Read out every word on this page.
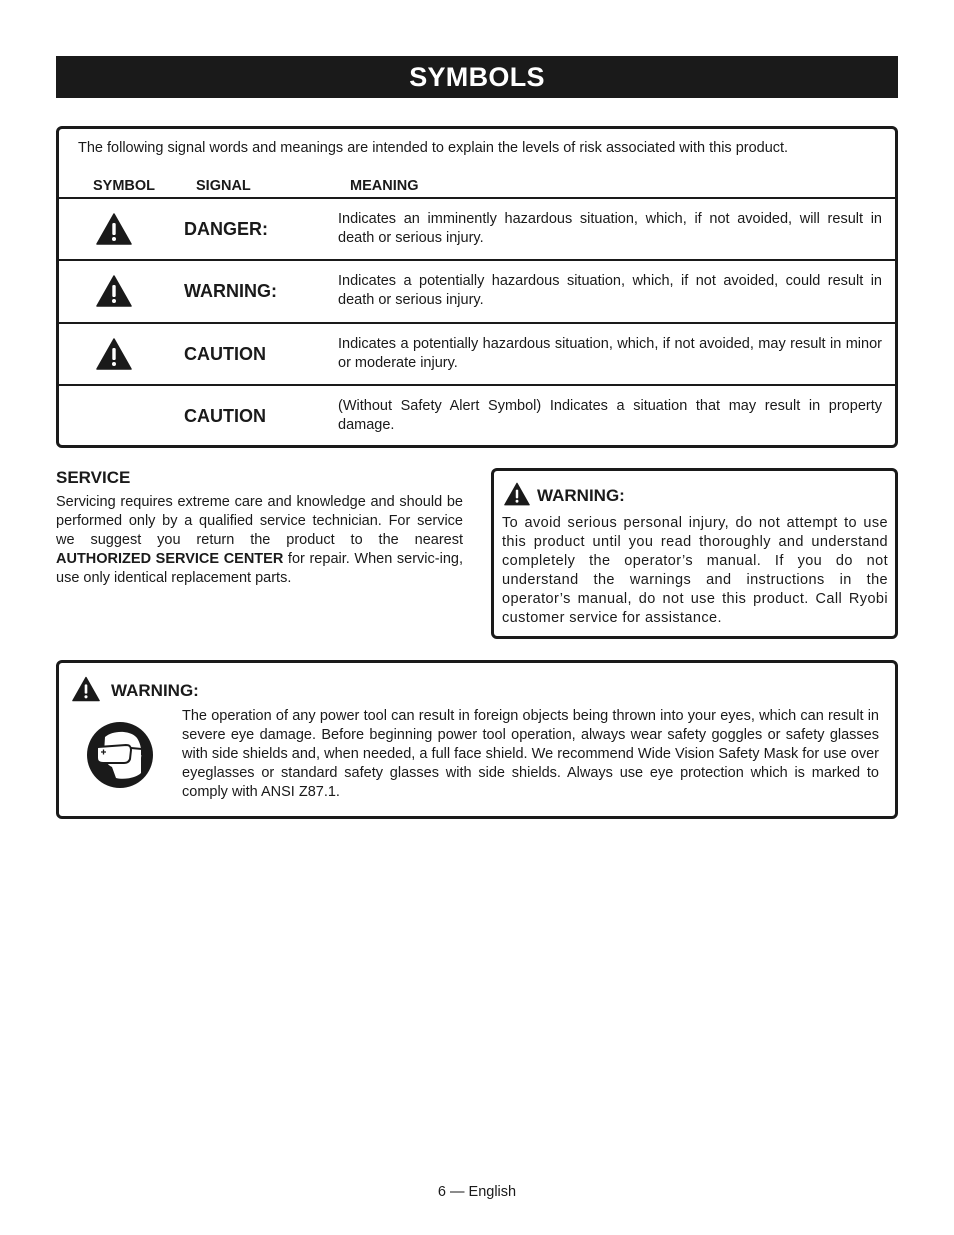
SYMBOLS
The following signal words and meanings are intended to explain the levels of risk associated with this product.
SYMBOL	SIGNAL	MEANING
DANGER:	Indicates an imminently hazardous situation, which, if not avoided, will result in death or serious injury.
WARNING:	Indicates a potentially hazardous situation, which, if not avoided, could result in death or serious injury.
CAUTION	Indicates a potentially hazardous situation, which, if not avoided, may result in minor or moderate injury.
CAUTION	(Without Safety Alert Symbol) Indicates a situation that may result in property damage.
SERVICE
Servicing requires extreme care and knowledge and should be performed only by a qualified service technician. For service we suggest you return the product to the nearest AUTHORIZED SERVICE CENTER for repair. When servic-ing, use only identical replacement parts.
WARNING:
To avoid serious personal injury, do not attempt to use this product until you read thoroughly and understand completely the operator’s manual. If you do not understand the warnings and instructions in the operator’s manual, do not use this product. Call Ryobi customer service for assistance.
WARNING:
The operation of any power tool can result in foreign objects being thrown into your eyes, which can result in severe eye damage. Before beginning power tool operation, always wear safety goggles or safety glasses with side shields and, when needed, a full face shield. We recommend Wide Vision Safety Mask for use over eyeglasses or standard safety glasses with side shields. Always use eye protection which is marked to comply with ANSI Z87.1.
6 — English
